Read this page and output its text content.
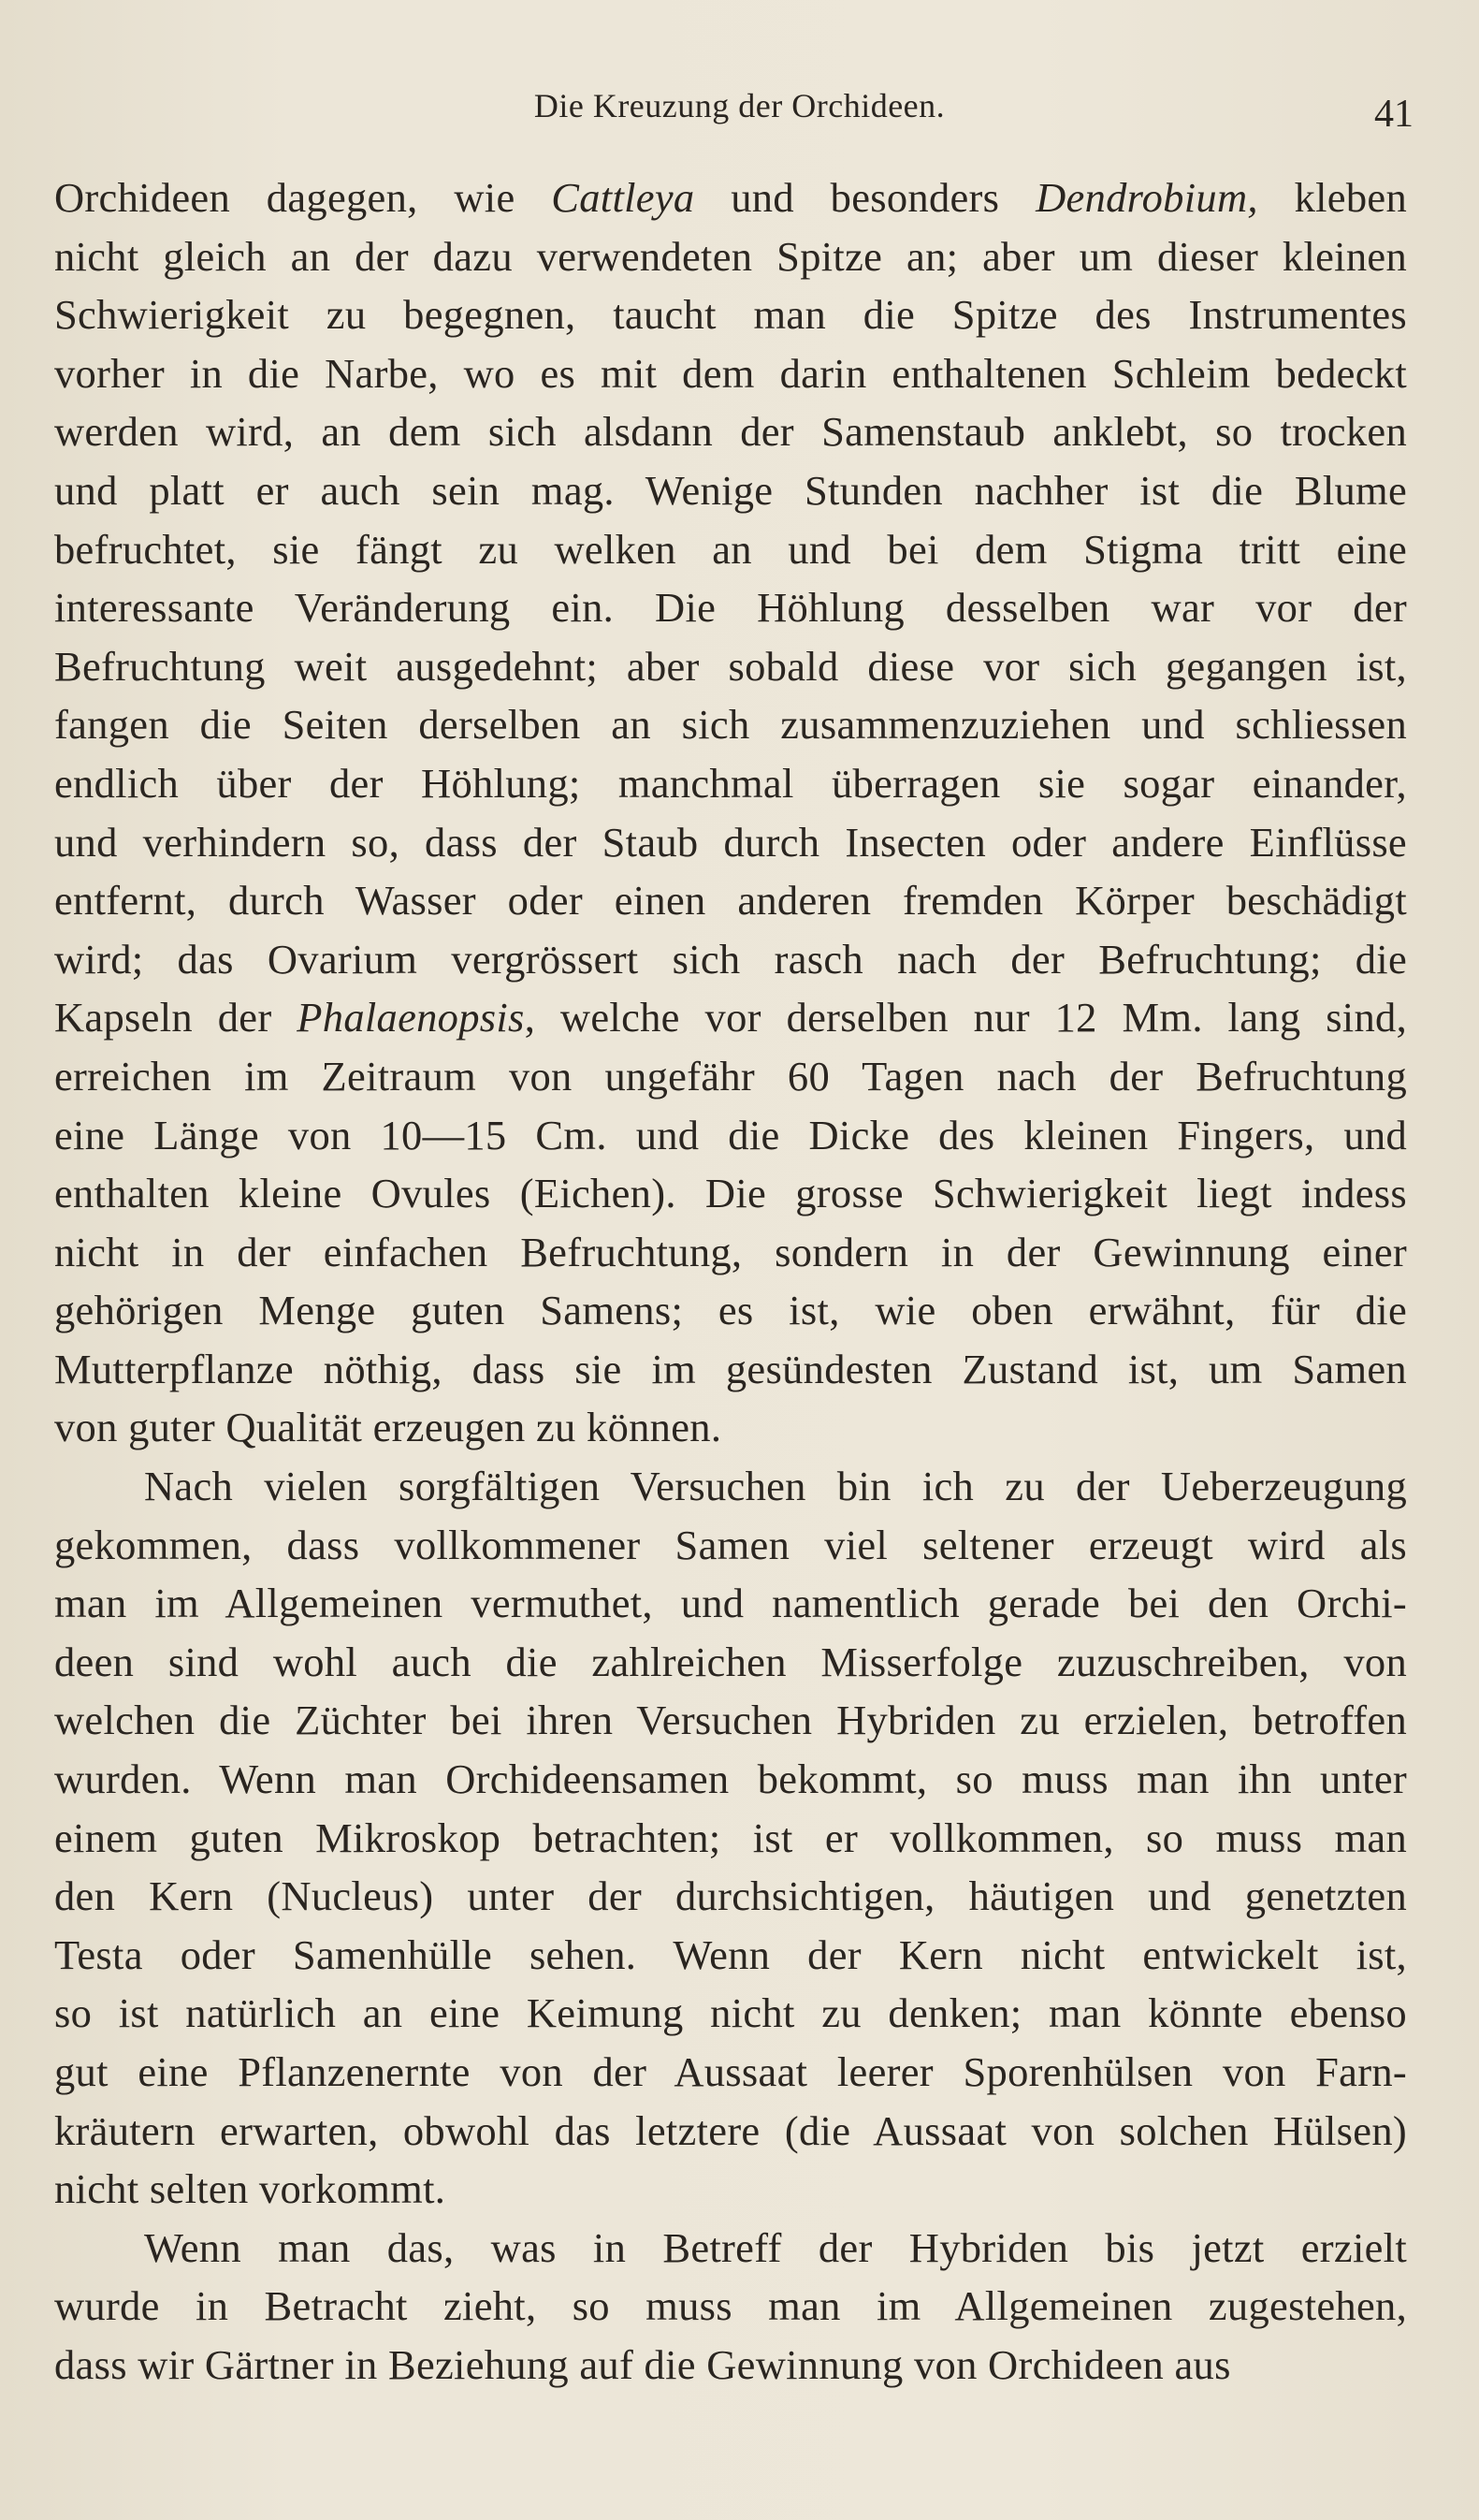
Die Kreuzung der Orchideen.	41
Orchideen dagegen, wie Cattleya und besonders Dendrobium, kleben
nicht gleich an der dazu verwendeten Spitze an; aber um dieser kleinen
Schwierigkeit zu begegnen, taucht man die Spitze des Instrumentes
vorher in die Narbe, wo es mit dem darin enthaltenen Schleim bedeckt
werden wird, an dem sich alsdann der Samenstaub anklebt, so trocken
und platt er auch sein mag. Wenige Stunden nachher ist die Blume
befruchtet, sie fängt zu welken an und bei dem Stigma tritt eine
interessante Veränderung ein. Die Höhlung desselben war vor der
Befruchtung weit ausgedehnt; aber sobald diese vor sich gegangen ist,
fangen die Seiten derselben an sich zusammenzuziehen und schliessen
endlich über der Höhlung; manchmal überragen sie sogar einander,
und verhindern so, dass der Staub durch Insecten oder andere Einflüsse
entfernt, durch Wasser oder einen anderen fremden Körper beschädigt
wird; das Ovarium vergrössert sich rasch nach der Befruchtung; die
Kapseln der Phalaenopsis, welche vor derselben nur 12 Mm. lang sind,
erreichen im Zeitraum von ungefähr 60 Tagen nach der Befruchtung
eine Länge von 10—15 Cm. und die Dicke des kleinen Fingers, und
enthalten kleine Ovules (Eichen). Die grosse Schwierigkeit liegt indess
nicht in der einfachen Befruchtung, sondern in der Gewinnung einer
gehörigen Menge guten Samens; es ist, wie oben erwähnt, für die
Mutterpflanze nöthig, dass sie im gesündesten Zustand ist, um Samen
von guter Qualität erzeugen zu können.
Nach vielen sorgfältigen Versuchen bin ich zu der Ueberzeugung
gekommen, dass vollkommener Samen viel seltener erzeugt wird als
man im Allgemeinen vermuthet, und namentlich gerade bei den Orchi-
deen sind wohl auch die zahlreichen Misserfolge zuzuschreiben, von
welchen die Züchter bei ihren Versuchen Hybriden zu erzielen, betroffen
wurden. Wenn man Orchideensamen bekommt, so muss man ihn unter
einem guten Mikroskop betrachten; ist er vollkommen, so muss man
den Kern (Nucleus) unter der durchsichtigen, häutigen und genetzten
Testa oder Samenhülle sehen. Wenn der Kern nicht entwickelt ist,
so ist natürlich an eine Keimung nicht zu denken; man könnte ebenso
gut eine Pflanzenernte von der Aussaat leerer Sporenhülsen von Farn-
kräutern erwarten, obwohl das letztere (die Aussaat von solchen Hülsen)
nicht selten vorkommt.
Wenn man das, was in Betreff der Hybriden bis jetzt erzielt
wurde in Betracht zieht, so muss man im Allgemeinen zugestehen,
dass wir Gärtner in Beziehung auf die Gewinnung von Orchideen aus
